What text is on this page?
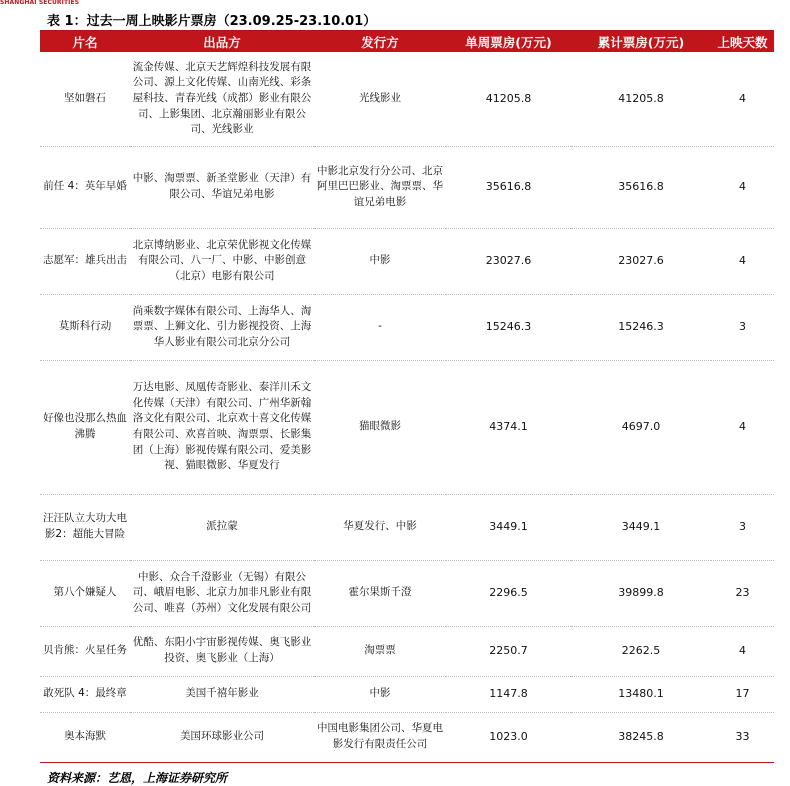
SHANGHAI SECURITIES
表 1：过去一周上映影片票房（23.09.25-23.10.01）
片名	出品方	发行方	单周票房(万元)	累计票房(万元)	上映天数
坚如磐石	流金传媒、北京天艺辉煌科技发展有限公司、源上文化传媒、山南光线、彩条屋科技、青春光线（成都）影业有限公司、上影集团、北京瀚丽影业有限公司、光线影业	光线影业	41205.8	41205.8	4
前任 4：英年早婚	中影、淘票票、新圣堂影业（天津）有限公司、华谊兄弟电影	中影北京发行分公司、北京阿里巴巴影业、淘票票、华谊兄弟电影	35616.8	35616.8	4
志愿军：雄兵出击	北京博纳影业、北京荣优影视文化传媒有限公司、八一厂、中影、中影创意（北京）电影有限公司	中影	23027.6	23027.6	4
莫斯科行动	尚乘数字媒体有限公司、上海华人、淘票票、上狮文化、引力影视投资、上海华人影业有限公司北京分公司	-	15246.3	15246.3	3
好像也没那么热血沸腾	万达电影、凤凰传奇影业、泰洋川禾文化传媒（天津）有限公司、广州华新翰洛文化有限公司、北京欢十喜文化传媒有限公司、欢喜首映、淘票票、长影集团（上海）影视传媒有限公司、爱美影视、猫眼微影、华夏发行	猫眼微影	4374.1	4697.0	4
汪汪队立大功大电影2：超能大冒险	派拉蒙	华夏发行、中影	3449.1	3449.1	3
第八个嫌疑人	中影、众合千澄影业（无锡）有限公司、峨眉电影、北京力加非凡影业有限公司、唯喜（苏州）文化发展有限公司	霍尔果斯千澄	2296.5	39899.8	23
贝肯熊：火星任务	优酷、东阳小宇宙影视传媒、奥飞影业投资、奥飞影业（上海）	淘票票	2250.7	2262.5	4
敢死队 4：最终章	美国千禧年影业	中影	1147.8	13480.1	17
奥本海默	美国环球影业公司	中国电影集团公司、华夏电影发行有限责任公司	1023.0	38245.8	33
资料来源：艺恩，上海证券研究所
